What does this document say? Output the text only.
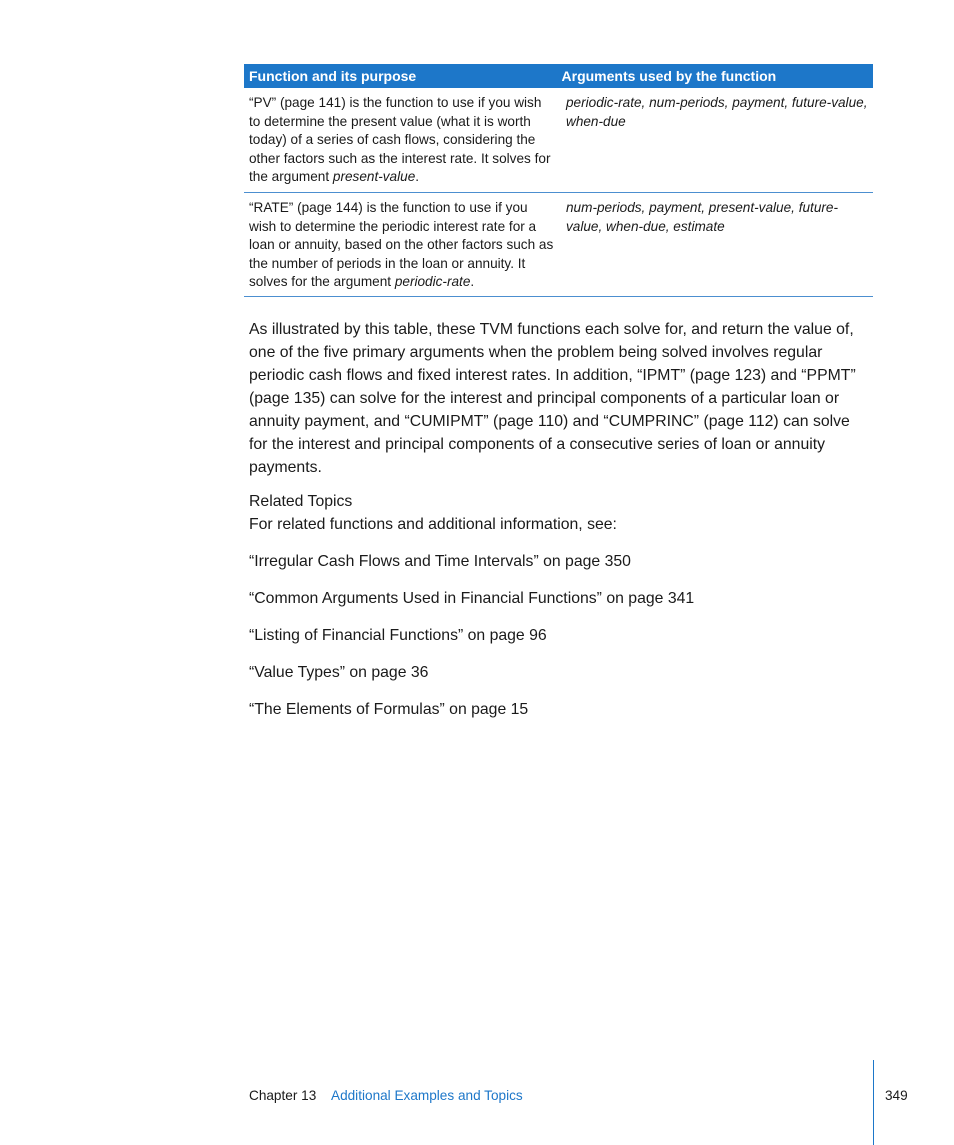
Function and its purpose	Arguments used by the function
“PV” (page 141) is the function to use if you wish to determine the present value (what it is worth today) of a series of cash flows, considering the other factors such as the interest rate. It solves for the argument present-value.
periodic-rate, num-periods, payment, future-value, when-due
“RATE” (page 144) is the function to use if you wish to determine the periodic interest rate for a loan or annuity, based on the other factors such as the number of periods in the loan or annuity. It solves for the argument periodic-rate.
num-periods, payment, present-value, future-value, when-due, estimate

As illustrated by this table, these TVM functions each solve for, and return the value of, one of the five primary arguments when the problem being solved involves regular periodic cash flows and fixed interest rates. In addition, “IPMT” (page 123) and “PPMT” (page 135) can solve for the interest and principal components of a particular loan or annuity payment, and “CUMIPMT” (page 110) and “CUMPRINC” (page 112) can solve for the interest and principal components of a consecutive series of loan or annuity payments.

Related Topics

For related functions and additional information, see:

“Irregular Cash Flows and Time Intervals” on page 350

“Common Arguments Used in Financial Functions” on page 341

“Listing of Financial Functions” on page 96

“Value Types” on page 36

“The Elements of Formulas” on page 15

Chapter 13 Additional Examples and Topics	349
